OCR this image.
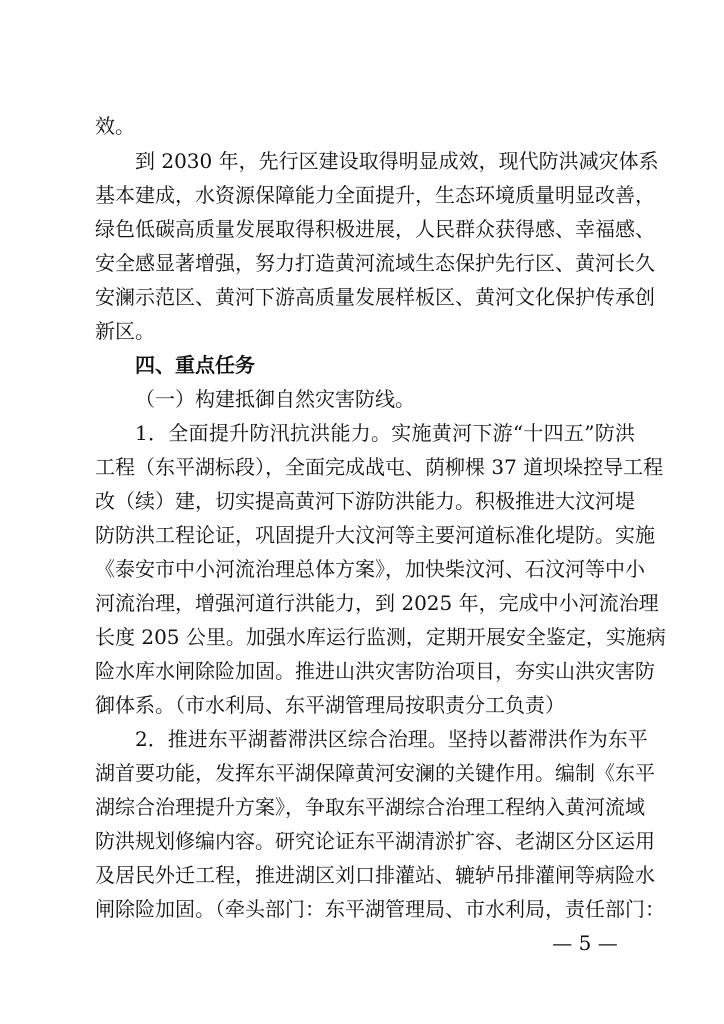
效。
到 2030 年，先行区建设取得明显成效，现代防洪减灾体系
基本建成，水资源保障能力全面提升，生态环境质量明显改善，
绿色低碳高质量发展取得积极进展，人民群众获得感、幸福感、
安全感显著增强，努力打造黄河流域生态保护先行区、黄河长久
安澜示范区、黄河下游高质量发展样板区、黄河文化保护传承创
新区。
四、重点任务
（一）构建抵御自然灾害防线。
1．全面提升防汛抗洪能力。实施黄河下游“十四五”防洪
工程（东平湖标段），全面完成战屯、荫柳棵 37 道坝垛控导工程
改（续）建，切实提高黄河下游防洪能力。积极推进大汶河堤
防防洪工程论证，巩固提升大汶河等主要河道标准化堤防。实施
《泰安市中小河流治理总体方案》，加快柴汶河、石汶河等中小
河流治理，增强河道行洪能力，到 2025 年，完成中小河流治理
长度 205 公里。加强水库运行监测，定期开展安全鉴定，实施病
险水库水闸除险加固。推进山洪灾害防治项目，夯实山洪灾害防
御体系。（市水利局、东平湖管理局按职责分工负责）
2．推进东平湖蓄滞洪区综合治理。坚持以蓄滞洪作为东平
湖首要功能，发挥东平湖保障黄河安澜的关键作用。编制《东平
湖综合治理提升方案》，争取东平湖综合治理工程纳入黄河流域
防洪规划修编内容。研究论证东平湖清淤扩容、老湖区分区运用
及居民外迁工程，推进湖区刘口排灌站、辘轳吊排灌闸等病险水
闸除险加固。（牵头部门：东平湖管理局、市水利局，责任部门：
— 5 —
